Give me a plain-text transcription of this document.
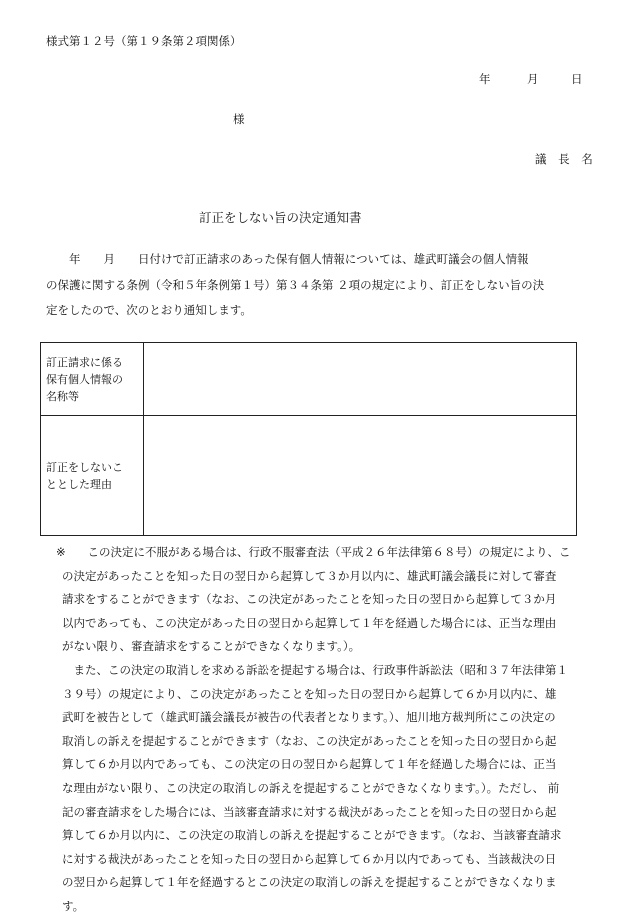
様式第１２号（第１９条第２項関係）
年	月	日
様
議 長 名
訂正をしない旨の決定通知書
　　年　　月　　日付けで訂正請求のあった保有個人情報については、雄武町議会の個人情報
の保護に関する条例（令和５年条例第１号）第３４条第 ２項の規定により、訂正をしない旨の決
定をしたので、次のとおり通知します。
訂正請求に係る
保有個人情報の
名称等	

訂正をしないこ
ととした理由	

※ 　この決定に不服がある場合は、行政不服審査法（平成２６年法律第６８号）の規定により、こ
の決定があったことを知った日の翌日から起算して３か月以内に、雄武町議会議長に対して審査
請求をすることができます（なお、この決定があったことを知った日の翌日から起算して３か月
以内であっても、この決定があった日の翌日から起算して１年を経過した場合には、正当な理由
がない限り、審査請求をすることができなくなります。）。
　また、この決定の取消しを求める訴訟を提起する場合は、行政事件訴訟法（昭和３７年法律第１
３９号）の規定により、この決定があったことを知った日の翌日から起算して６か月以内に、雄
武町を被告として（雄武町議会議長が被告の代表者となります。）、旭川地方裁判所にこの決定の
取消しの訴えを提起することができます（なお、この決定があったことを知った日の翌日から起
算して６か月以内であっても、この決定の日の翌日から起算して１年を経過した場合には、正当
な理由がない限り、この決定の取消しの訴えを提起することができなくなります。）。ただし、 前
記の審査請求をした場合には、当該審査請求に対する裁決があったことを知った日の翌日から起
算して６か月以内に、この決定の取消しの訴えを提起することができます。（なお、当該審査請求
に対する裁決があったことを知った日の翌日から起算して６か月以内であっても、当該裁決の日
の翌日から起算して１年を経過するとこの決定の取消しの訴えを提起することができなくなりま
す。
